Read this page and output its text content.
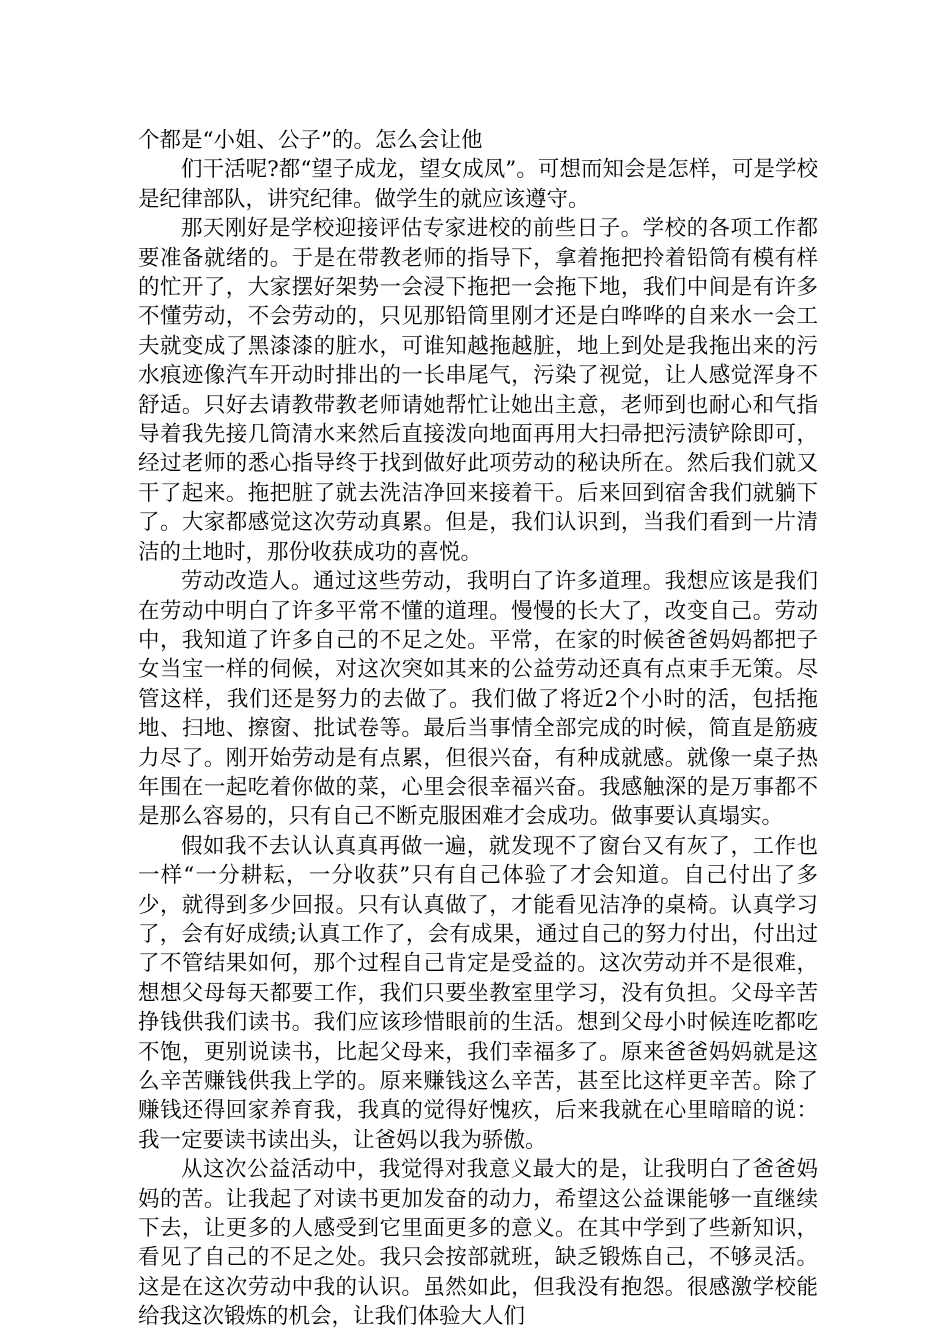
个都是“小姐、公子”的。怎么会让他

们干活呢?都“望子成龙，望女成凤”。可想而知会是怎样，可是学校是纪律部队，讲究纪律。做学生的就应该遵守。

那天刚好是学校迎接评估专家进校的前些日子。学校的各项工作都要准备就绪的。于是在带教老师的指导下，拿着拖把拎着铅筒有模有样的忙开了，大家摆好架势一会浸下拖把一会拖下地，我们中间是有许多不懂劳动，不会劳动的，只见那铅筒里刚才还是白哗哗的自来水一会工夫就变成了黑漆漆的脏水，可谁知越拖越脏，地上到处是我拖出来的污水痕迹像汽车开动时排出的一长串尾气，污染了视觉，让人感觉浑身不舒适。只好去请教带教老师请她帮忙让她出主意，老师到也耐心和气指导着我先接几筒清水来然后直接泼向地面再用大扫帚把污渍铲除即可，经过老师的悉心指导终于找到做好此项劳动的秘诀所在。然后我们就又干了起来。拖把脏了就去洗洁净回来接着干。后来回到宿舍我们就躺下了。大家都感觉这次劳动真累。但是，我们认识到，当我们看到一片清洁的土地时，那份收获成功的喜悦。

劳动改造人。通过这些劳动，我明白了许多道理。我想应该是我们在劳动中明白了许多平常不懂的道理。慢慢的长大了，改变自己。劳动中，我知道了许多自己的不足之处。平常，在家的时候爸爸妈妈都把子女当宝一样的伺候，对这次突如其来的公益劳动还真有点束手无策。尽管这样，我们还是努力的去做了。我们做了将近2个小时的活，包括拖地、扫地、擦窗、批试卷等。最后当事情全部完成的时候，简直是筋疲力尽了。刚开始劳动是有点累，但很兴奋，有种成就感。就像一桌子热年围在一起吃着你做的菜，心里会很幸福兴奋。我感触深的是万事都不是那么容易的，只有自己不断克服困难才会成功。做事要认真塌实。

假如我不去认认真真再做一遍，就发现不了窗台又有灰了，工作也一样“一分耕耘，一分收获”只有自己体验了才会知道。自己付出了多少，就得到多少回报。只有认真做了，才能看见洁净的桌椅。认真学习了，会有好成绩;认真工作了，会有成果，通过自己的努力付出，付出过了不管结果如何，那个过程自己肯定是受益的。这次劳动并不是很难，想想父母每天都要工作，我们只要坐教室里学习，没有负担。父母辛苦挣钱供我们读书。我们应该珍惜眼前的生活。想到父母小时候连吃都吃不饱，更别说读书，比起父母来，我们幸福多了。原来爸爸妈妈就是这么辛苦赚钱供我上学的。原来赚钱这么辛苦，甚至比这样更辛苦。除了赚钱还得回家养育我，我真的觉得好愧疚，后来我就在心里暗暗的说：我一定要读书读出头，让爸妈以我为骄傲。

从这次公益活动中，我觉得对我意义最大的是，让我明白了爸爸妈妈的苦。让我起了对读书更加发奋的动力，希望这公益课能够一直继续下去，让更多的人感受到它里面更多的意义。在其中学到了些新知识，看见了自己的不足之处。我只会按部就班，缺乏锻炼自己，不够灵活。这是在这次劳动中我的认识。虽然如此，但我没有抱怨。很感激学校能给我这次锻炼的机会，让我们体验大人们
